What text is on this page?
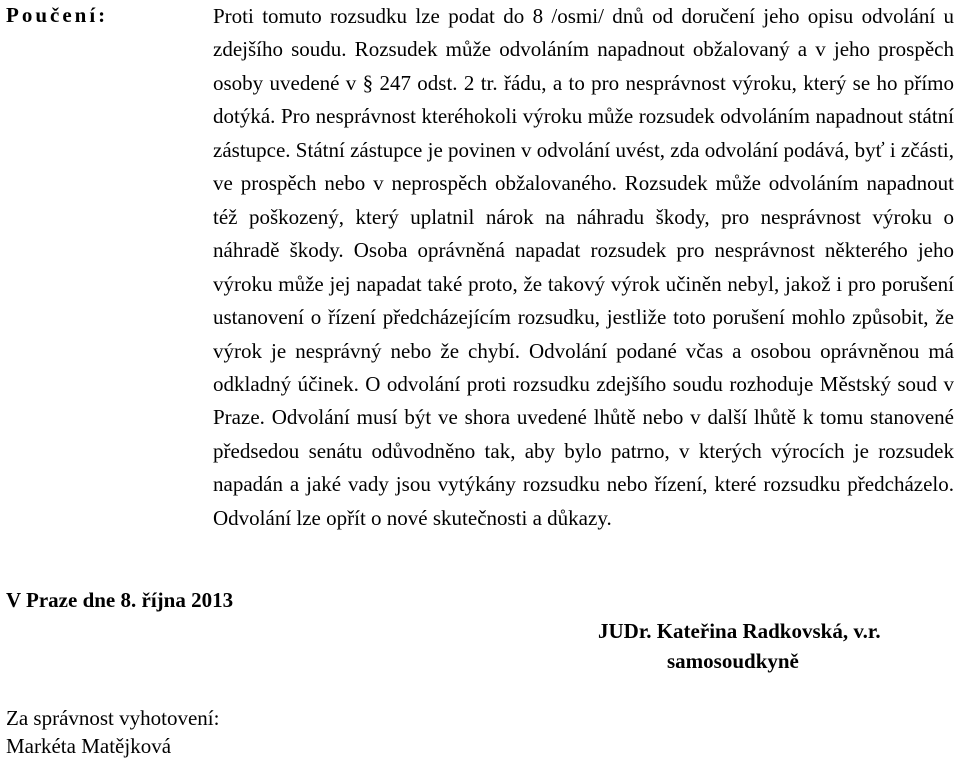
Poučení:	Proti tomuto rozsudku lze podat do 8 /osmi/ dnů od doručení jeho opisu odvolání u zdejšího soudu. Rozsudek může odvoláním napadnout obžalovaný a v jeho prospěch osoby uvedené v § 247 odst. 2 tr. řádu, a to pro nesprávnost výroku, který se ho přímo dotýká. Pro nesprávnost kteréhokoli výroku může rozsudek odvoláním napadnout státní zástupce. Státní zástupce je povinen v odvolání uvést, zda odvolání podává, byť i zčásti, ve prospěch nebo v neprospěch obžalovaného. Rozsudek může odvoláním napadnout též poškozený, který uplatnil nárok na náhradu škody, pro nesprávnost výroku o náhradě škody. Osoba oprávněná napadat rozsudek pro nesprávnost některého jeho výroku může jej napadat také proto, že takový výrok učiněn nebyl, jakož i pro porušení ustanovení o řízení předcházejícím rozsudku, jestliže toto porušení mohlo způsobit, že výrok je nesprávný nebo že chybí. Odvolání podané včas a osobou oprávněnou má odkladný účinek. O odvolání proti rozsudku zdejšího soudu rozhoduje Městský soud v Praze. Odvolání musí být ve shora uvedené lhůtě nebo v další lhůtě k tomu stanovené předsedou senátu odůvodněno tak, aby bylo patrno, v kterých výrocích je rozsudek napadán a jaké vady jsou vytýkány rozsudku nebo řízení, které rozsudku předcházelo. Odvolání lze opřít o nové skutečnosti a důkazy.

V Praze dne 8. října 2013
JUDr. Kateřina Radkovská, v.r.
samosoudkyně
Za správnost vyhotovení:
Markéta Matějková
